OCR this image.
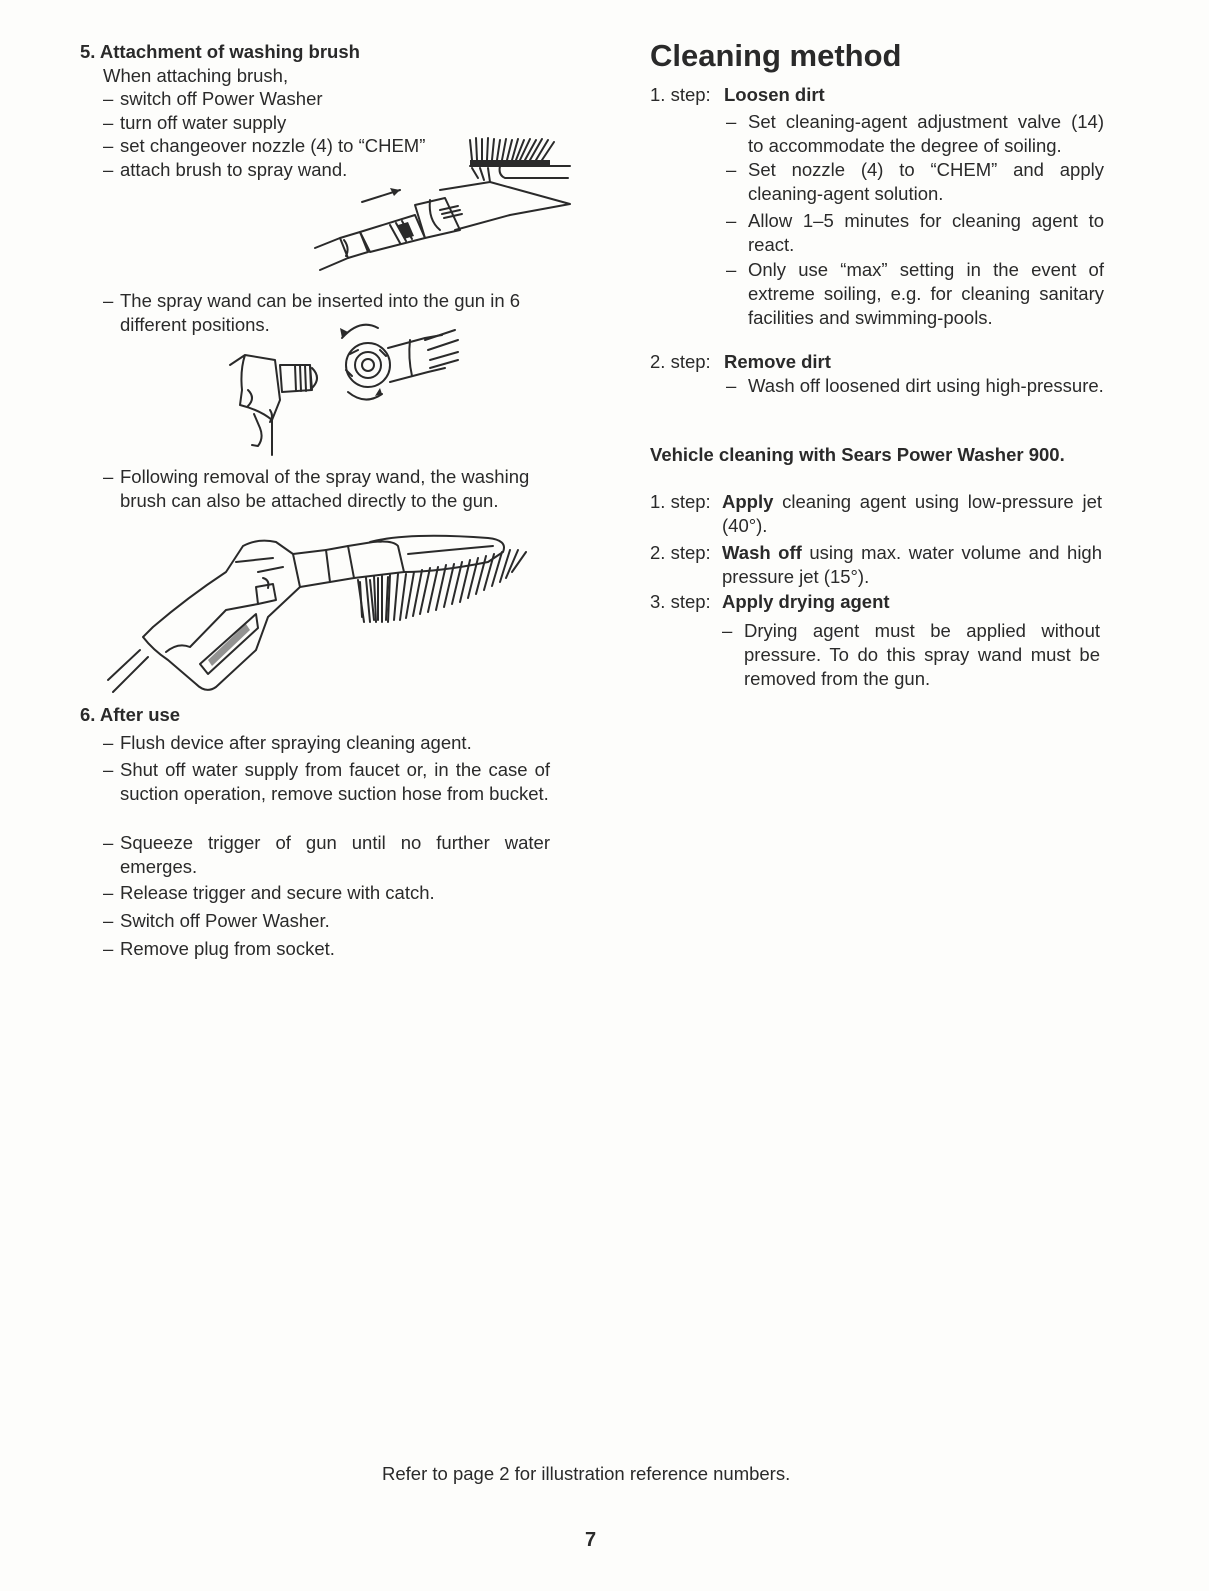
5. Attachment of washing brush
When attaching brush,
– switch off Power Washer
– turn off water supply
– set changeover nozzle (4) to “CHEM”
– attach brush to spray wand.
– The spray wand can be inserted into the gun in 6 different positions.
– Following removal of the spray wand, the washing brush can also be attached directly to the gun.
6. After use
– Flush device after spraying cleaning agent.
– Shut off water supply from faucet or, in the case of suction operation, remove suction hose from bucket.
– Squeeze trigger of gun until no further water emerges.
– Release trigger and secure with catch.
– Switch off Power Washer.
– Remove plug from socket.
Cleaning method
1. step: Loosen dirt
– Set cleaning-agent adjustment valve (14) to accommodate the degree of soiling.
– Set nozzle (4) to “CHEM” and apply cleaning-agent solution.
– Allow 1–5 minutes for cleaning agent to react.
– Only use “max” setting in the event of extreme soiling, e.g. for cleaning sanitary facilities and swimming-pools.
2. step: Remove dirt
– Wash off loosened dirt using high-pressure.
Vehicle cleaning with Sears Power Washer 900.
1. step: Apply cleaning agent using low-pressure jet (40°).
2. step: Wash off using max. water volume and high pressure jet (15°).
3. step: Apply drying agent
– Drying agent must be applied without pressure. To do this spray wand must be removed from the gun.
Refer to page 2 for illustration reference numbers.
7
